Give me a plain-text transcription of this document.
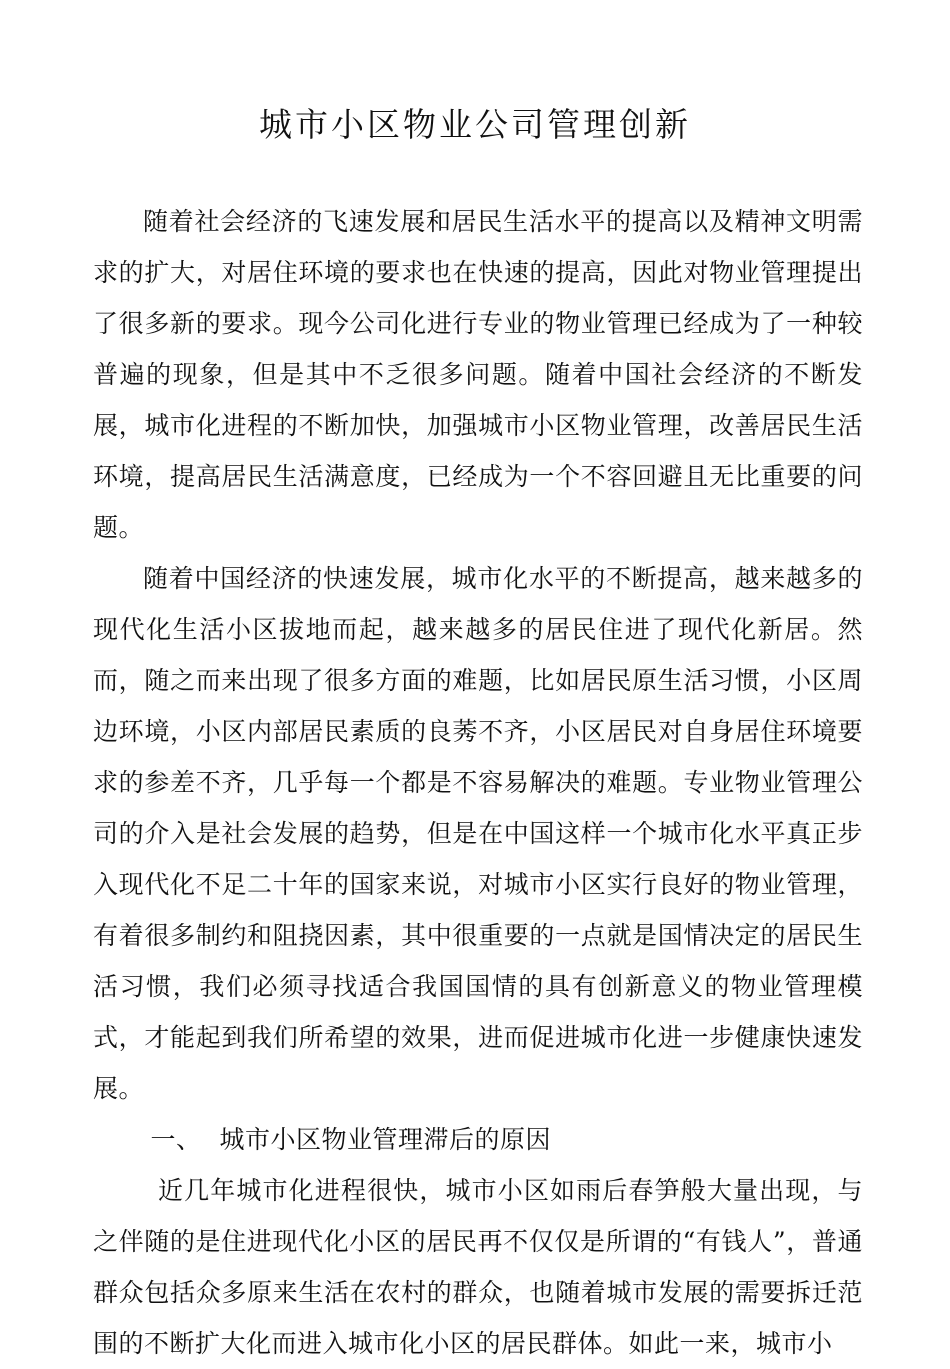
城市小区物业公司管理创新

随着社会经济的飞速发展和居民生活水平的提高以及精神文明需求的扩大，对居住环境的要求也在快速的提高，因此对物业管理提出了很多新的要求。现今公司化进行专业的物业管理已经成为了一种较普遍的现象，但是其中不乏很多问题。随着中国社会经济的不断发展，城市化进程的不断加快，加强城市小区物业管理，改善居民生活环境，提高居民生活满意度，已经成为一个不容回避且无比重要的问题。

随着中国经济的快速发展，城市化水平的不断提高，越来越多的现代化生活小区拔地而起，越来越多的居民住进了现代化新居。然而，随之而来出现了很多方面的难题，比如居民原生活习惯，小区周边环境，小区内部居民素质的良莠不齐，小区居民对自身居住环境要求的参差不齐，几乎每一个都是不容易解决的难题。专业物业管理公司的介入是社会发展的趋势，但是在中国这样一个城市化水平真正步入现代化不足二十年的国家来说，对城市小区实行良好的物业管理，有着很多制约和阻挠因素，其中很重要的一点就是国情决定的居民生活习惯，我们必须寻找适合我国国情的具有创新意义的物业管理模式，才能起到我们所希望的效果，进而促进城市化进一步健康快速发展。

一、 城市小区物业管理滞后的原因

近几年城市化进程很快，城市小区如雨后春笋般大量出现，与之伴随的是住进现代化小区的居民再不仅仅是所谓的“有钱人”，普通群众包括众多原来生活在农村的群众，也随着城市发展的需要拆迁范围的不断扩大化而进入城市化小区的居民群体。如此一来，城市小
